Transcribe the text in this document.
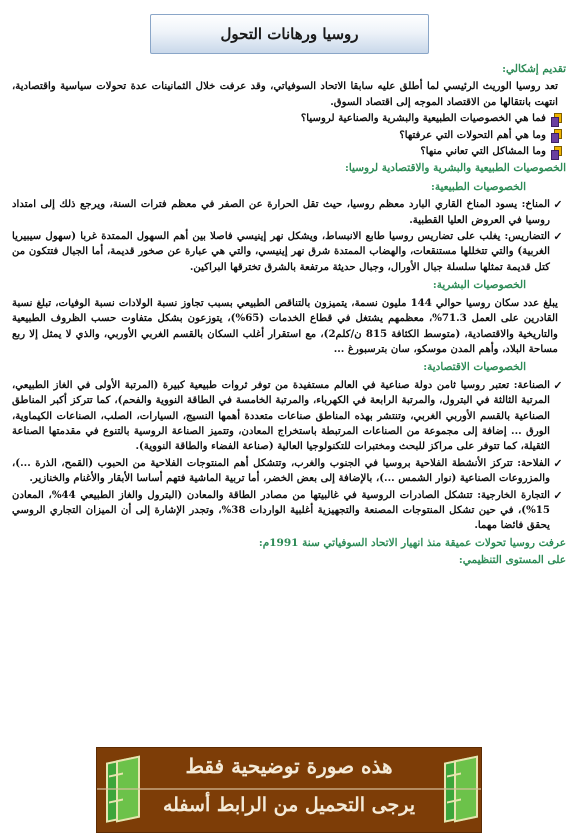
روسيا ورهانات التحول
تقديم إشكالي:
تعد روسيا الوريث الرئيسي لما أطلق عليه سابقا الاتحاد السوفياتي، وقد عرفت خلال الثمانينات عدة تحولات سياسية واقتصادية، انتهت بانتقالها من الاقتصاد الموجه إلى اقتصاد السوق.
فما هي الخصوصيات الطبيعية والبشرية والصناعية لروسيا؟
وما هي أهم التحولات التي عرفتها؟
وما المشاكل التي تعاني منها؟
الخصوصيات الطبيعية والبشرية والاقتصادية لروسيا:
الخصوصيات الطبيعية:
✓
المناخ: يسود المناخ القاري البارد معظم روسيا، حيث تقل الحرارة عن الصفر في معظم فترات السنة، ويرجع ذلك إلى امتداد روسيا في العروض العليا القطبية.
✓
التضاريس: يغلب على تضاريس روسيا طابع الانبساط، ويشكل نهر إينيسي فاصلا بين أهم السهول الممتدة غربا (سهول سيبيريا الغربية) والتي تتخللها مستنقعات، والهضاب الممتدة شرق نهر إينيسي، والتي هي عبارة عن صخور قديمة، أما الجبال فتتكون من كتل قديمة تمثلها سلسلة جبال الأورال، وجبال حديثة مرتفعة بالشرق تخترقها البراكين.
الخصوصيات البشرية:
يبلغ عدد سكان روسيا حوالي 144 مليون نسمة، يتميزون بالتناقص الطبيعي بسبب تجاوز نسبة الولادات نسبة الوفيات، تبلغ نسبة القادرين على العمل 71.3%، معظمهم يشتغل في قطاع الخدمات (65%)، يتوزعون بشكل متفاوت حسب الظروف الطبيعية والتاريخية والاقتصادية، (متوسط الكثافة 815 ن/كلم2)، مع استقرار أغلب السكان بالقسم الغربي الأوربي، والذي لا يمثل إلا ربع مساحة البلاد، وأهم المدن موسكو، سان بترسبورغ ...
الخصوصيات الاقتصادية:
✓
الصناعة: تعتبر روسيا ثامن دولة صناعية في العالم مستفيدة من توفر ثروات طبيعية كبيرة (المرتبة الأولى في الغاز الطبيعي، المرتبة الثالثة في البترول، والمرتبة الرابعة في الكهرباء، والمرتبة الخامسة في الطاقة النووية والفحم)، كما تتركز أكبر المناطق الصناعية بالقسم الأوربي الغربي، وتنتشر بهذه المناطق صناعات متعددة أهمها النسيج، السيارات، الصلب، الصناعات الكيماوية، الورق ... إضافة إلى مجموعة من الصناعات المرتبطة باستخراج المعادن، وتتميز الصناعة الروسية بالتنوع في مقدمتها الصناعة الثقيلة، كما تتوفر على مراكز للبحث ومختبرات للتكنولوجيا العالية (صناعة الفضاء والطاقة النووية).
✓
الفلاحة: تتركز الأنشطة الفلاحية بروسيا في الجنوب والغرب، وتتشكل أهم المنتوجات الفلاحية من الحبوب (القمح، الذرة ...)، والمزروعات الصناعية (نوار الشمس ...)، بالإضافة إلى بعض الخضر، أما تربية الماشية فتهم أساسا الأبقار والأغنام والخنازير.
✓
التجارة الخارجية: تتشكل الصادرات الروسية في غالبيتها من مصادر الطاقة والمعادن (البترول والغاز الطبيعي 44%، المعادن 15%)، في حين تشكل المنتوجات المصنعة والتجهيزية أغلبية الواردات 38%، وتجدر الإشارة إلى أن الميزان التجاري الروسي يحقق فائضا مهما.
عرفت روسيا تحولات عميقة منذ انهيار الاتحاد السوفياتي سنة 1991م:
على المستوى التنظيمي:
هذه صورة توضيحية فقط
يرجى التحميل من الرابط أسفله
